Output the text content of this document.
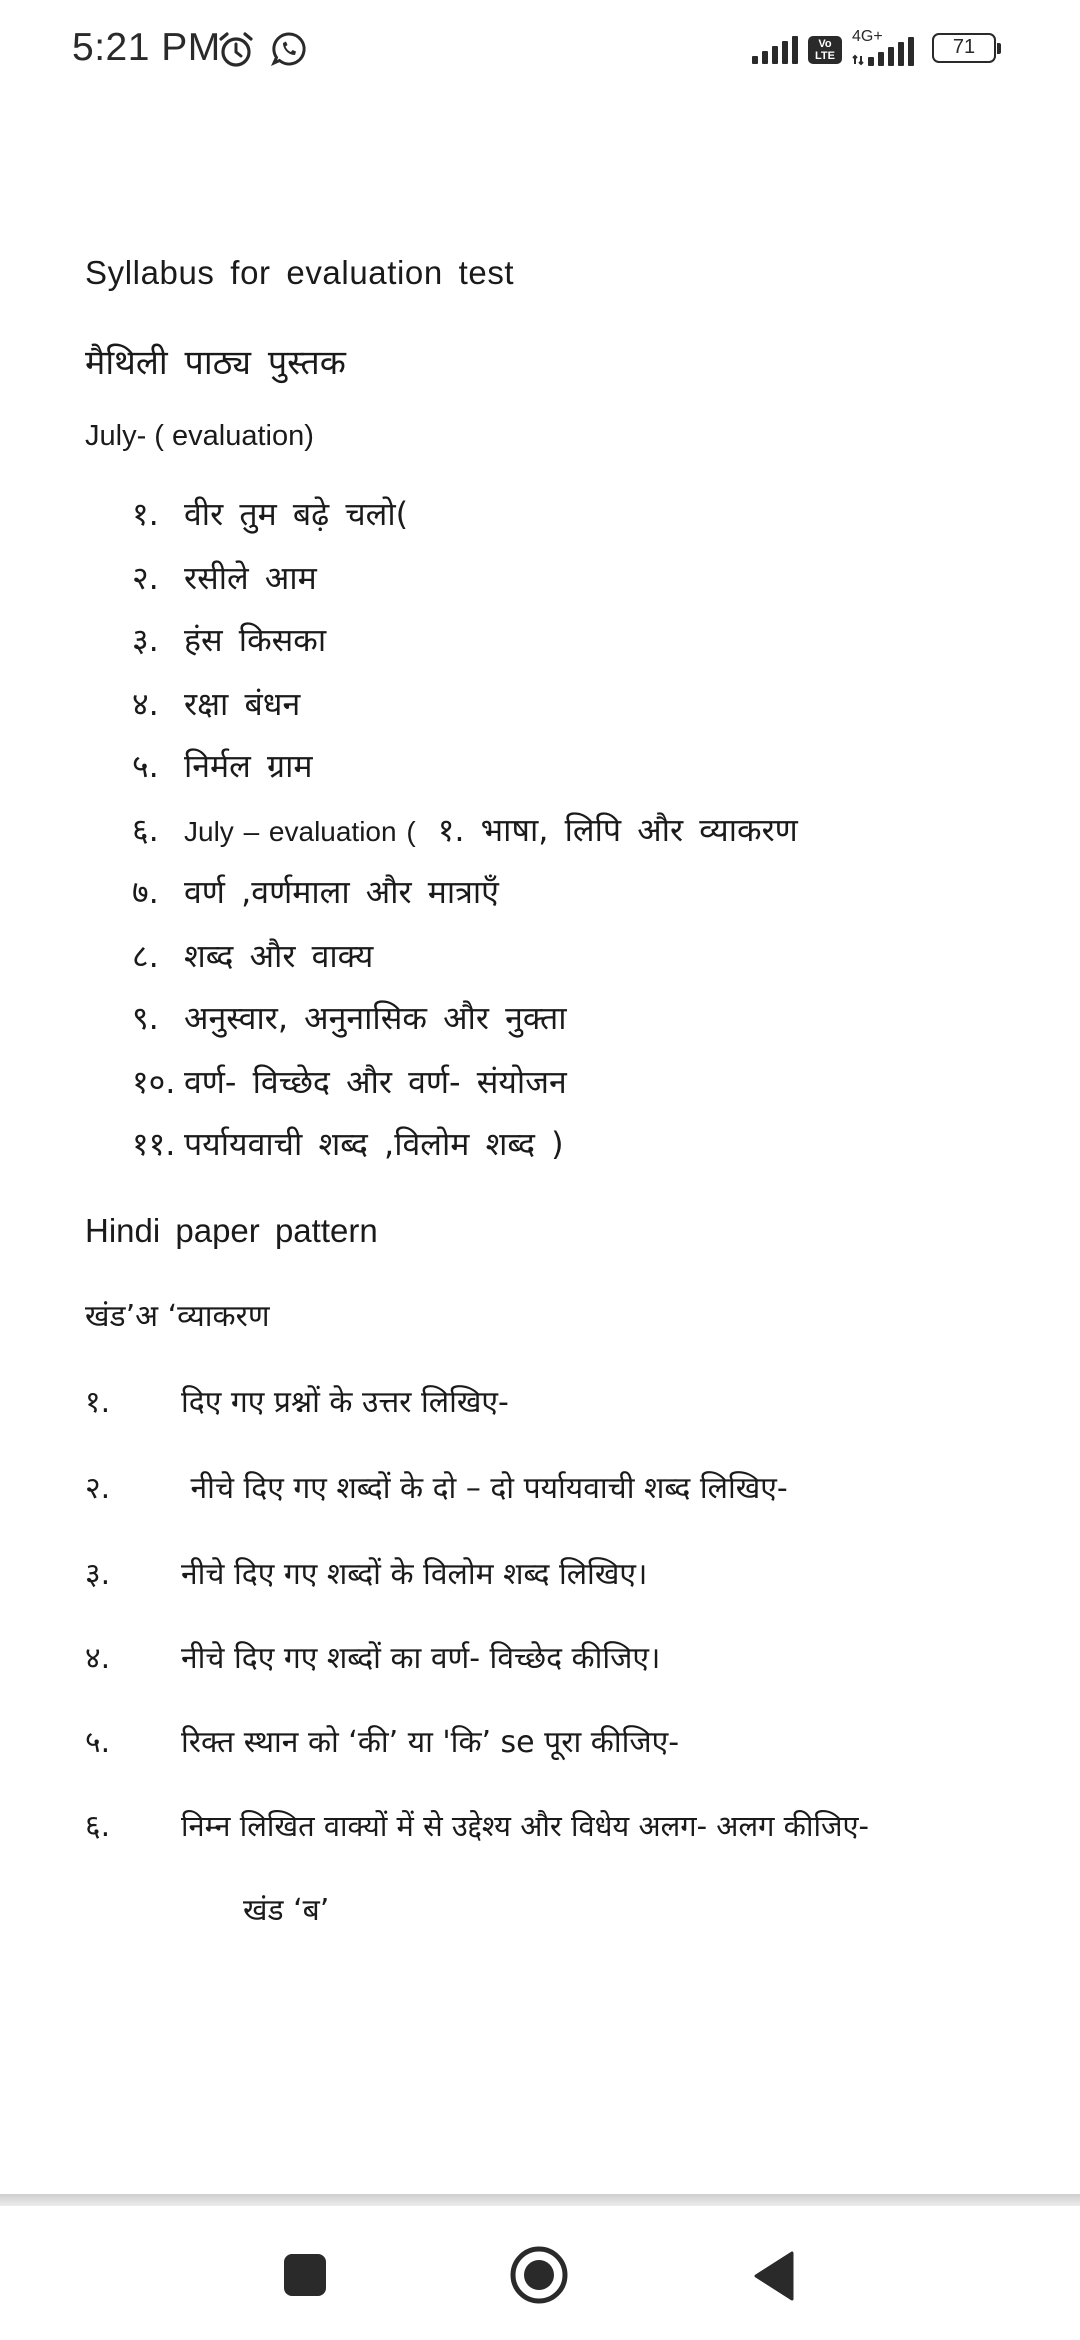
5:21 PM	Vo
LTE
4G+	71
Syllabus for evaluation test
मैथिली पाठ्य पुस्तक
July- ( evaluation)
१. वीर तुम बढ़े चलो(
२. रसीले आम
३. हंस किसका
४. रक्षा बंधन
५. निर्मल ग्राम
६. July – evaluation ( १. भाषा, लिपि और व्याकरण
७. वर्ण ,वर्णमाला और मात्राएँ
८. शब्द और वाक्य
९. अनुस्वार, अनुनासिक और नुक्ता
१०. वर्ण- विच्छेद और वर्ण- संयोजन
११. पर्यायवाची शब्द ,विलोम शब्द )
Hindi paper pattern
खंड’अ ‘व्याकरण
१. दिए गए प्रश्नों के उत्तर लिखिए-
२. नीचे दिए गए शब्दों के दो – दो पर्यायवाची शब्द लिखिए-
३. नीचे दिए गए शब्दों के विलोम शब्द लिखिए।
४. नीचे दिए गए शब्दों का वर्ण- विच्छेद कीजिए।
५. रिक्त स्थान को ‘की’ या 'कि’ se पूरा कीजिए-
६. निम्न लिखित वाक्यों में से उद्देश्य और विधेय अलग- अलग कीजिए-
खंड ‘ब’
